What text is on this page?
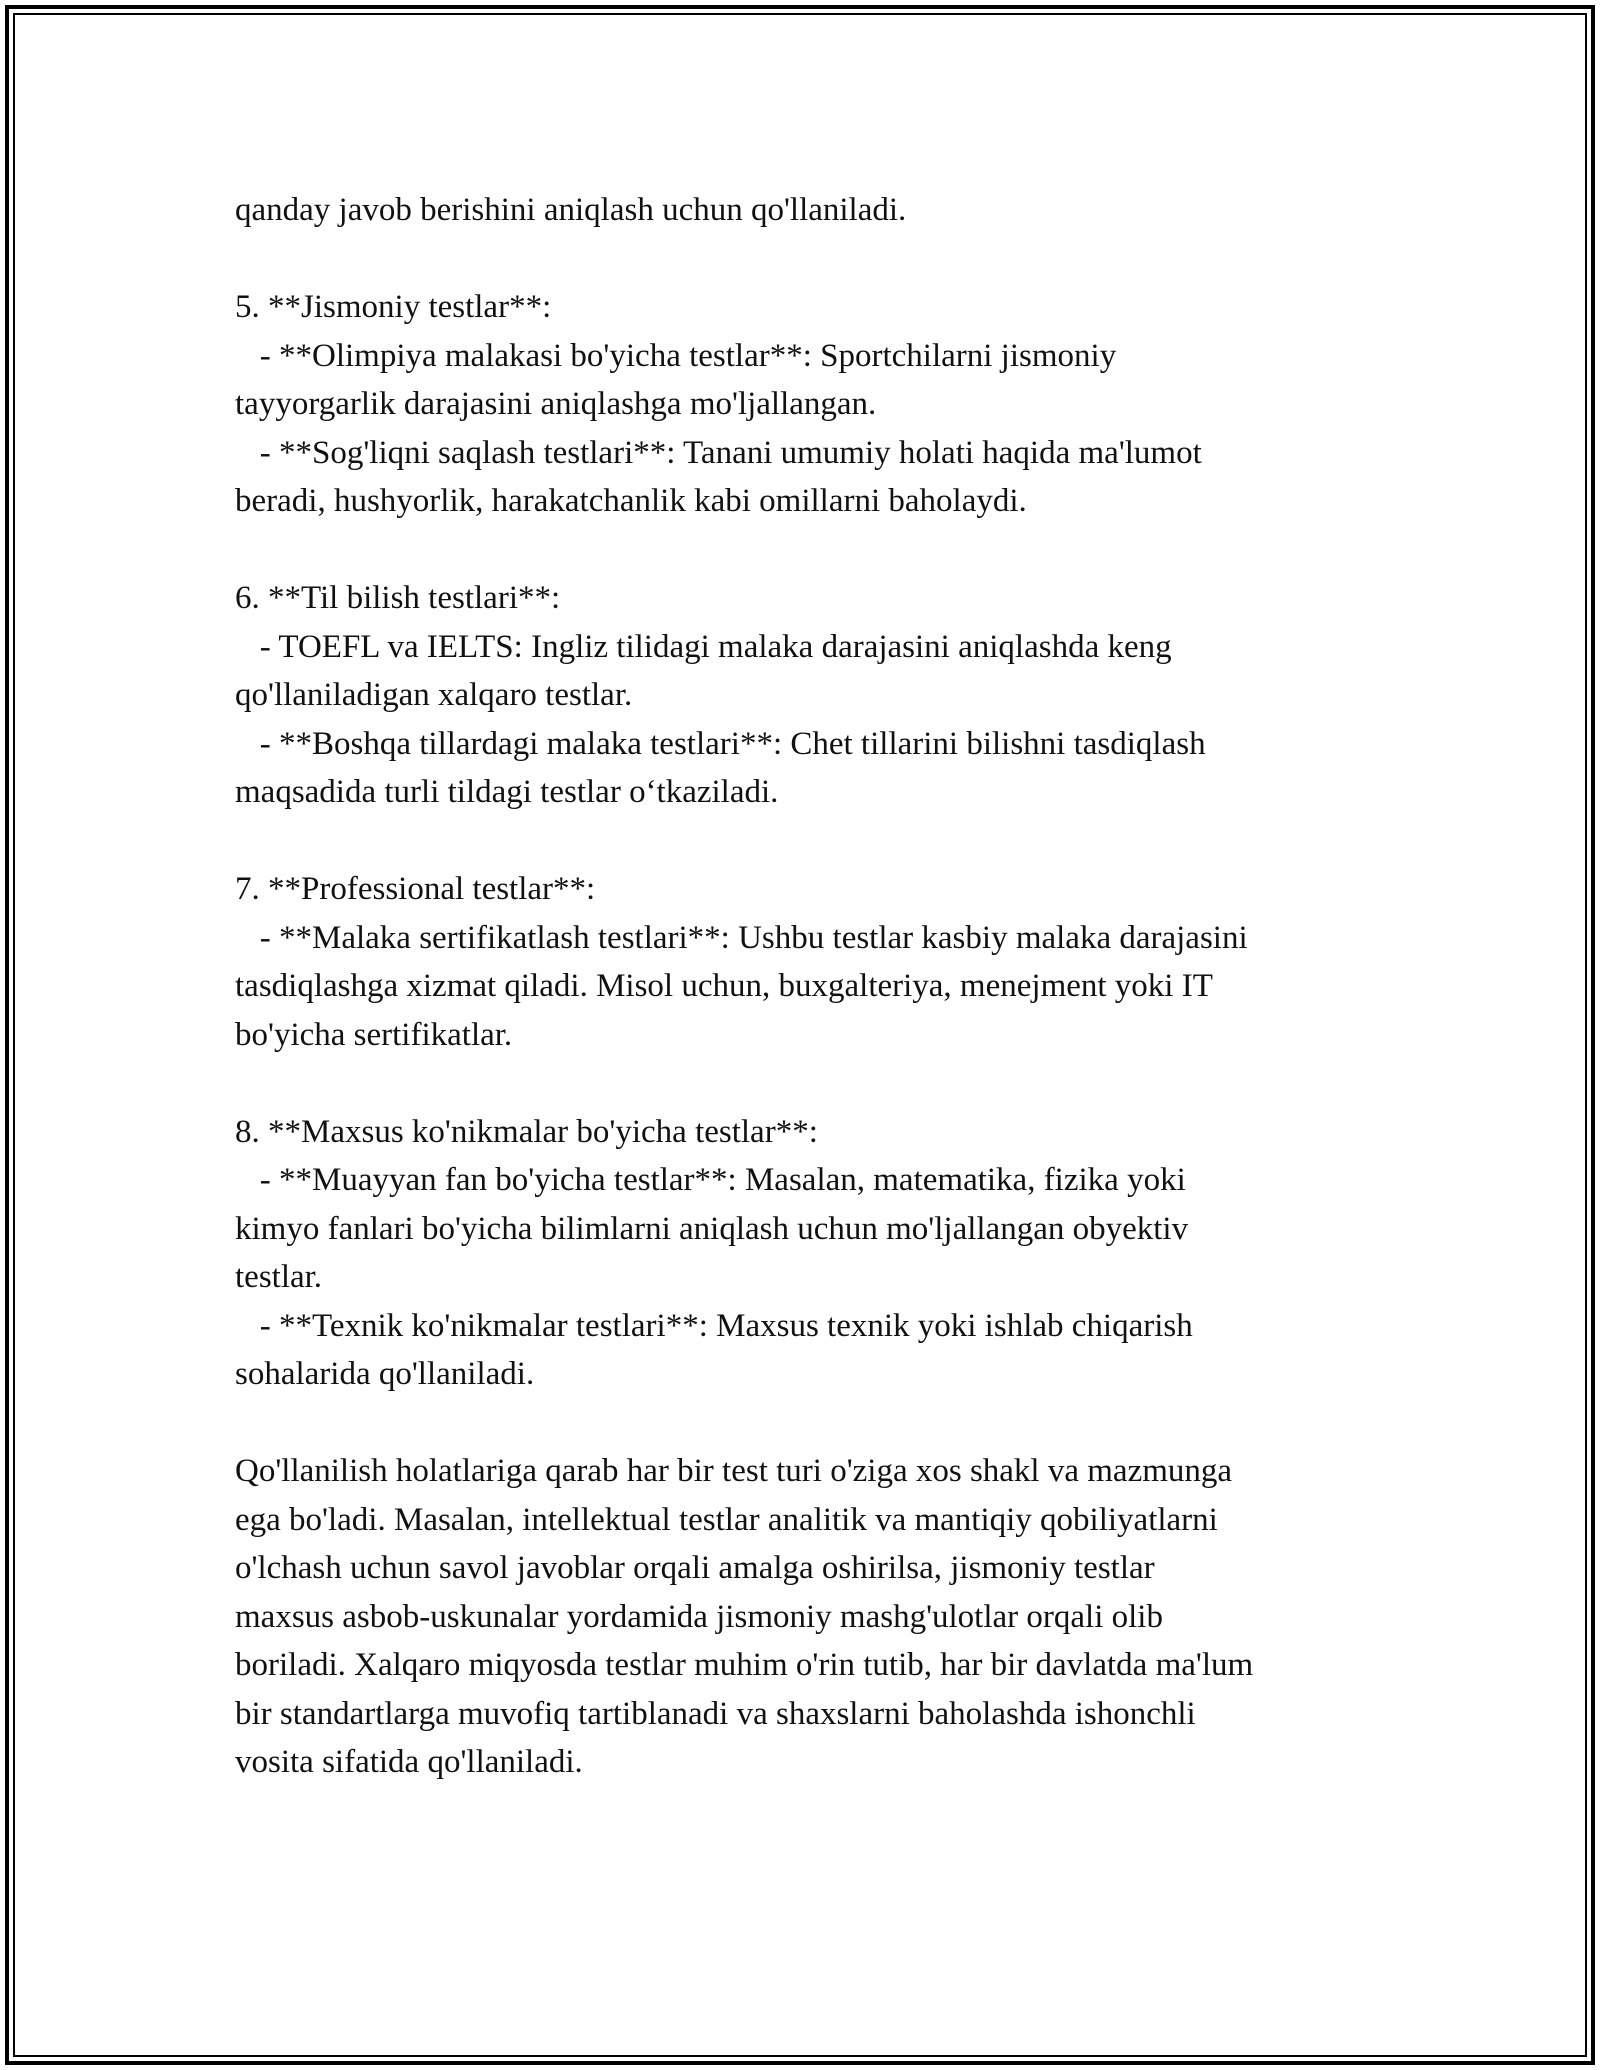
qanday javob berishini aniqlash uchun qo'llaniladi.
5. **Jismoniy testlar**:
- **Olimpiya malakasi bo'yicha testlar**: Sportchilarni jismoniy
tayyorgarlik darajasini aniqlashga mo'ljallangan.
- **Sog'liqni saqlash testlari**: Tanani umumiy holati haqida ma'lumot
beradi, hushyorlik, harakatchanlik kabi omillarni baholaydi.
6. **Til bilish testlari**:
- TOEFL va IELTS: Ingliz tilidagi malaka darajasini aniqlashda keng
qo'llaniladigan xalqaro testlar.
- **Boshqa tillardagi malaka testlari**: Chet tillarini bilishni tasdiqlash
maqsadida turli tildagi testlar o‘tkaziladi.
7. **Professional testlar**:
- **Malaka sertifikatlash testlari**: Ushbu testlar kasbiy malaka darajasini
tasdiqlashga xizmat qiladi. Misol uchun, buxgalteriya, menejment yoki IT
bo'yicha sertifikatlar.
8. **Maxsus ko'nikmalar bo'yicha testlar**:
- **Muayyan fan bo'yicha testlar**: Masalan, matematika, fizika yoki
kimyo fanlari bo'yicha bilimlarni aniqlash uchun mo'ljallangan obyektiv
testlar.
- **Texnik ko'nikmalar testlari**: Maxsus texnik yoki ishlab chiqarish
sohalarida qo'llaniladi.
Qo'llanilish holatlariga qarab har bir test turi o'ziga xos shakl va mazmunga
ega bo'ladi. Masalan, intellektual testlar analitik va mantiqiy qobiliyatlarni
o'lchash uchun savol javoblar orqali amalga oshirilsa, jismoniy testlar
maxsus asbob-uskunalar yordamida jismoniy mashg'ulotlar orqali olib
boriladi. Xalqaro miqyosda testlar muhim o'rin tutib, har bir davlatda ma'lum
bir standartlarga muvofiq tartiblanadi va shaxslarni baholashda ishonchli
vosita sifatida qo'llaniladi.
